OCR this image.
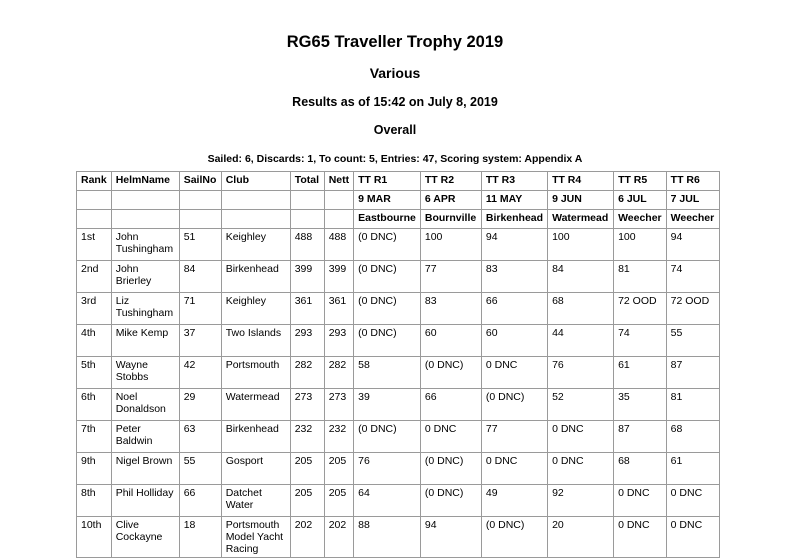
RG65 Traveller Trophy 2019
Various
Results as of 15:42 on July 8, 2019
Overall
Sailed: 6, Discards: 1, To count: 5, Entries: 47, Scoring system: Appendix A
Rank	HelmName	SailNo	Club	Total	Nett	TT R1	TT R2	TT R3	TT R4	TT R5	TT R6
						9 MAR	6 APR	11 MAY	9 JUN	6 JUL	7 JUL
						Eastbourne	Bournville	Birkenhead	Watermead	Weecher	Weecher
1st	John Tushingham	51	Keighley	488	488	(0 DNC)	100	94	100	100	94
2nd	John Brierley	84	Birkenhead	399	399	(0 DNC)	77	83	84	81	74
3rd	Liz Tushingham	71	Keighley	361	361	(0 DNC)	83	66	68	72 OOD	72 OOD
4th	Mike Kemp	37	Two Islands	293	293	(0 DNC)	60	60	44	74	55
5th	Wayne Stobbs	42	Portsmouth	282	282	58	(0 DNC)	0 DNC	76	61	87
6th	Noel Donaldson	29	Watermead	273	273	39	66	(0 DNC)	52	35	81
7th	Peter Baldwin	63	Birkenhead	232	232	(0 DNC)	0 DNC	77	0 DNC	87	68
9th	Nigel Brown	55	Gosport	205	205	76	(0 DNC)	0 DNC	0 DNC	68	61
8th	Phil Holliday	66	Datchet Water	205	205	64	(0 DNC)	49	92	0 DNC	0 DNC
10th	Clive Cockayne	18	Portsmouth Model Yacht Racing	202	202	88	94	(0 DNC)	20	0 DNC	0 DNC
